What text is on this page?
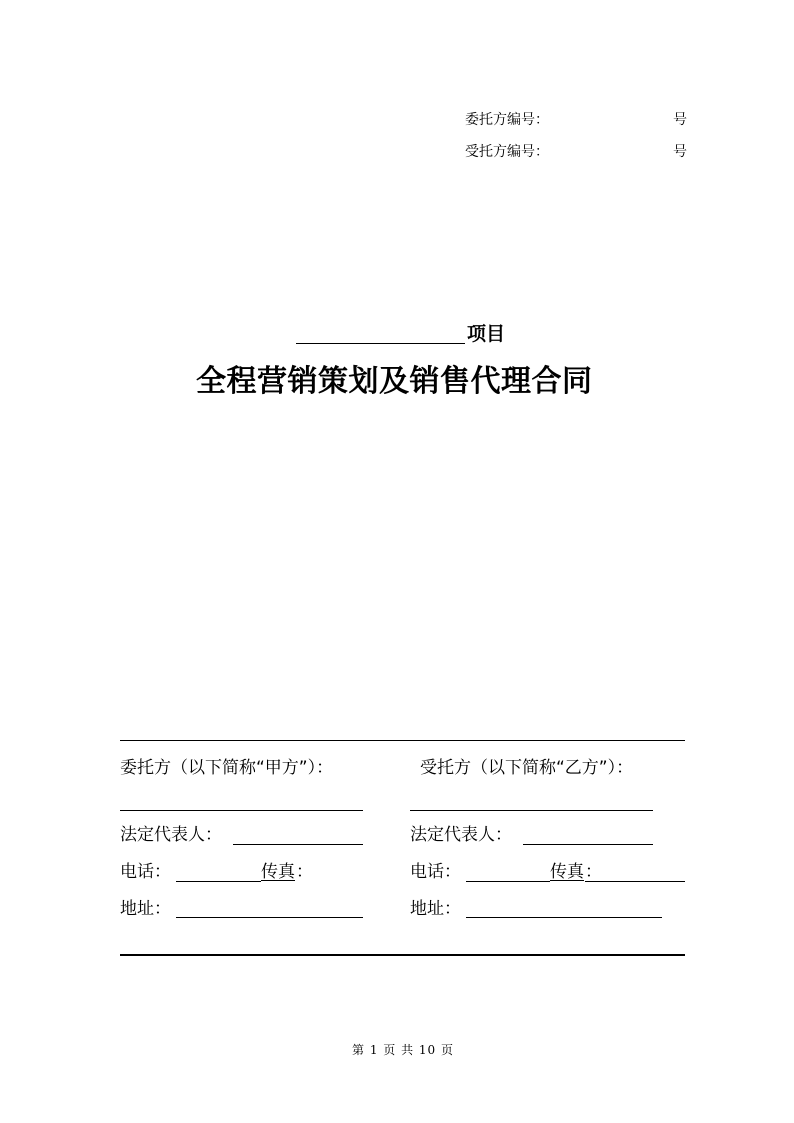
委托方编号：	号
受托方编号：	号
项目
全程营销策划及销售代理合同
委托方（以下简称“甲方”）：
法定代表人：
电话：	传真 ：
地址：
受托方（以下简称“乙方”）：
法定代表人：
电话：	传真 ：
地址：
第 1 页 共 10 页
